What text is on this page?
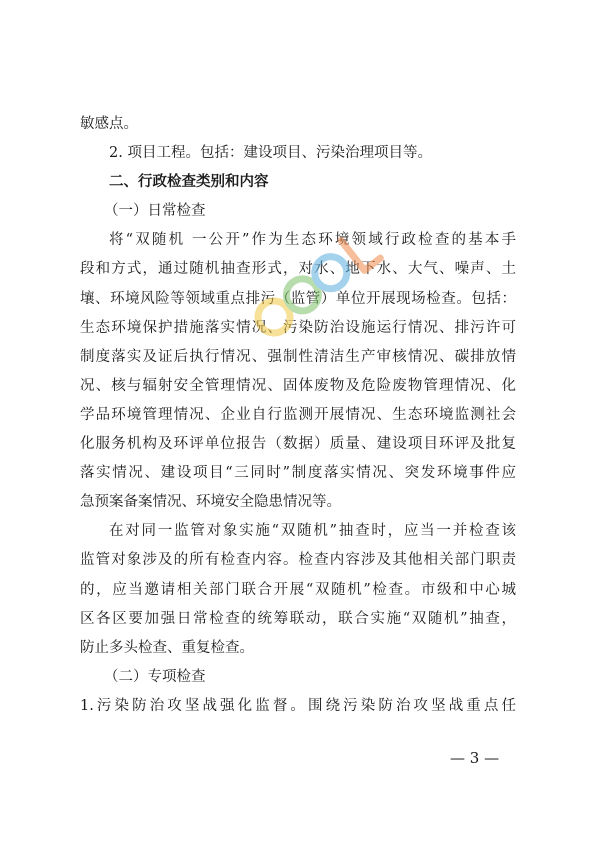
敏感点。
2. 项目工程。包括：建设项目、污染治理项目等。
二、行政检查类别和内容
（一）日常检查
将“双随机 一公开”作为生态环境领域行政检查的基本手
段和方式，通过随机抽查形式，对水、地下水、大气、噪声、土
壤、环境风险等领域重点排污（监管）单位开展现场检查。包括：
生态环境保护措施落实情况、污染防治设施运行情况、排污许可
制度落实及证后执行情况、强制性清洁生产审核情况、碳排放情
况、核与辐射安全管理情况、固体废物及危险废物管理情况、化
学品环境管理情况、企业自行监测开展情况、生态环境监测社会
化服务机构及环评单位报告（数据）质量、建设项目环评及批复
落实情况、建设项目“三同时”制度落实情况、突发环境事件应
急预案备案情况、环境安全隐患情况等。
在对同一监管对象实施“双随机”抽查时，应当一并检查该
监管对象涉及的所有检查内容。检查内容涉及其他相关部门职责
的，应当邀请相关部门联合开展“双随机”检查。市级和中心城
区各区要加强日常检查的统筹联动，联合实施“双随机”抽查，
防止多头检查、重复检查。
（二）专项检查
1.污染防治攻坚战强化监督。围绕污染防治攻坚战重点任
— 3 —
